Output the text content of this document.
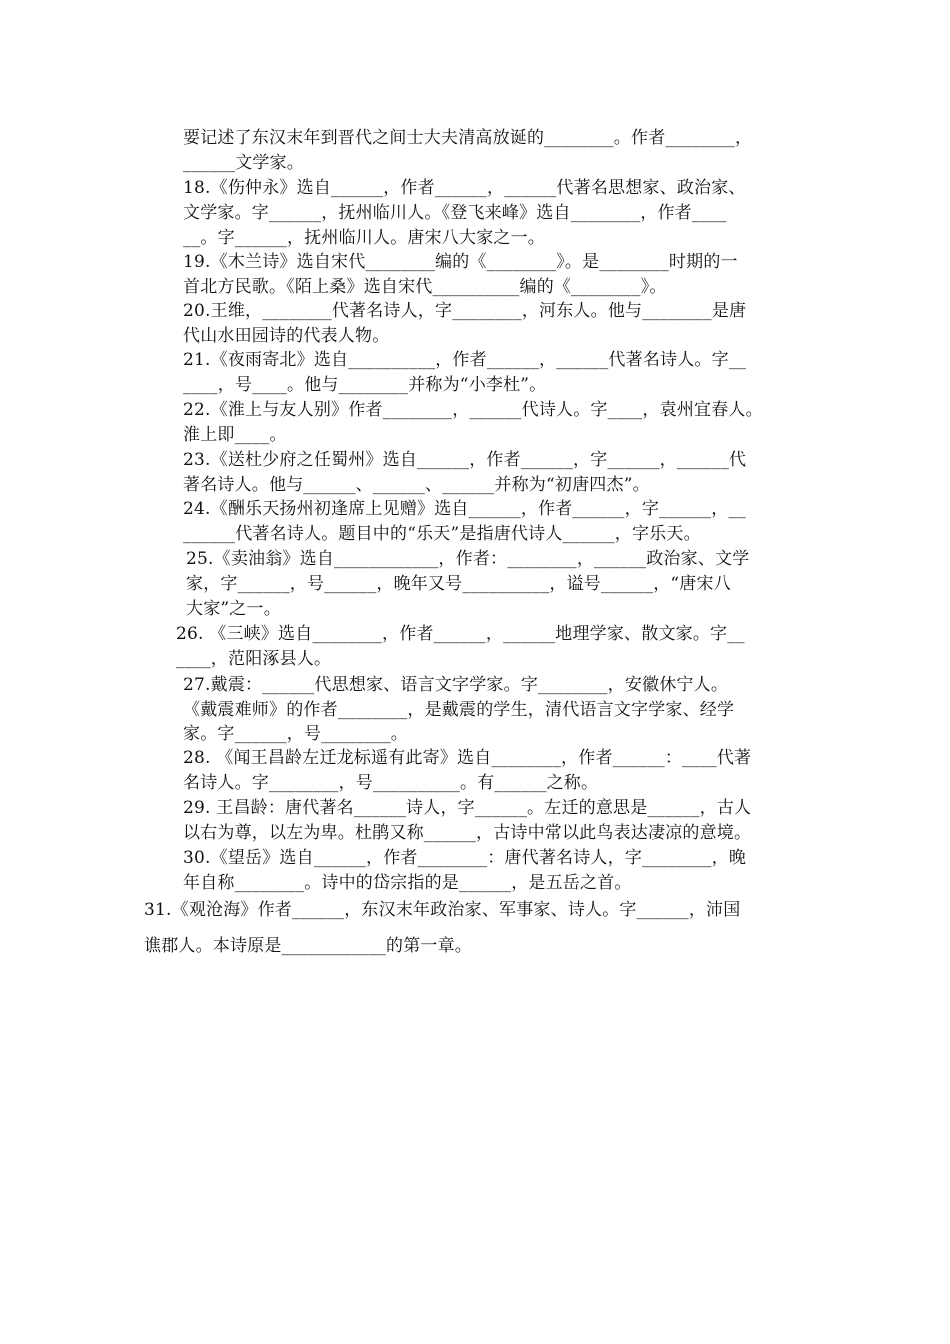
要记述了东汉末年到晋代之间士大夫清高放诞的________。作者________，
______文学家。
18.《伤仲永》选自______，作者______，______代著名思想家、政治家、
文学家。字______，抚州临川人。《登飞来峰》选自________，作者____
__。字______，抚州临川人。唐宋八大家之一。
19.《木兰诗》选自宋代________编的《________》。是________时期的一
首北方民歌。《陌上桑》选自宋代__________编的《________》。
20.王维，________代著名诗人，字________，河东人。他与________是唐
代山水田园诗的代表人物。
21.《夜雨寄北》选自__________，作者______，______代著名诗人。字__
____，号____。他与________并称为“小李杜”。
22.《淮上与友人别》作者________，______代诗人。字____，袁州宜春人。
淮上即____。
23.《送杜少府之任蜀州》选自______，作者______，字______，______代
著名诗人。他与______、______、______并称为“初唐四杰”。
24.《酬乐天扬州初逢席上见赠》选自______，作者______，字______，__
______代著名诗人。题目中的“乐天”是指唐代诗人______，字乐天。
25.《卖油翁》选自____________，作者：________，______政治家、文学
家，字______，号______，晚年又号__________，谥号______，“唐宋八
大家”之一。
26. 《三峡》选自________，作者______，______地理学家、散文家。字__
____，范阳涿县人。
27.戴震：______代思想家、语言文字学家。字________，安徽休宁人。
《戴震难师》的作者________，是戴震的学生，清代语言文字学家、经学
家。字______，号________。
28. 《闻王昌龄左迁龙标遥有此寄》选自________，作者______：____代著
名诗人。字________，号__________。有______之称。
29. 王昌龄：唐代著名______诗人，字______。左迁的意思是______，古人
以右为尊，以左为卑。杜鹃又称______，古诗中常以此鸟表达凄凉的意境。
30.《望岳》选自______，作者________：唐代著名诗人，字________，晚
年自称________。诗中的岱宗指的是______，是五岳之首。
31.《观沧海》作者______，东汉末年政治家、军事家、诗人。字______，沛国
谯郡人。本诗原是____________的第一章。
